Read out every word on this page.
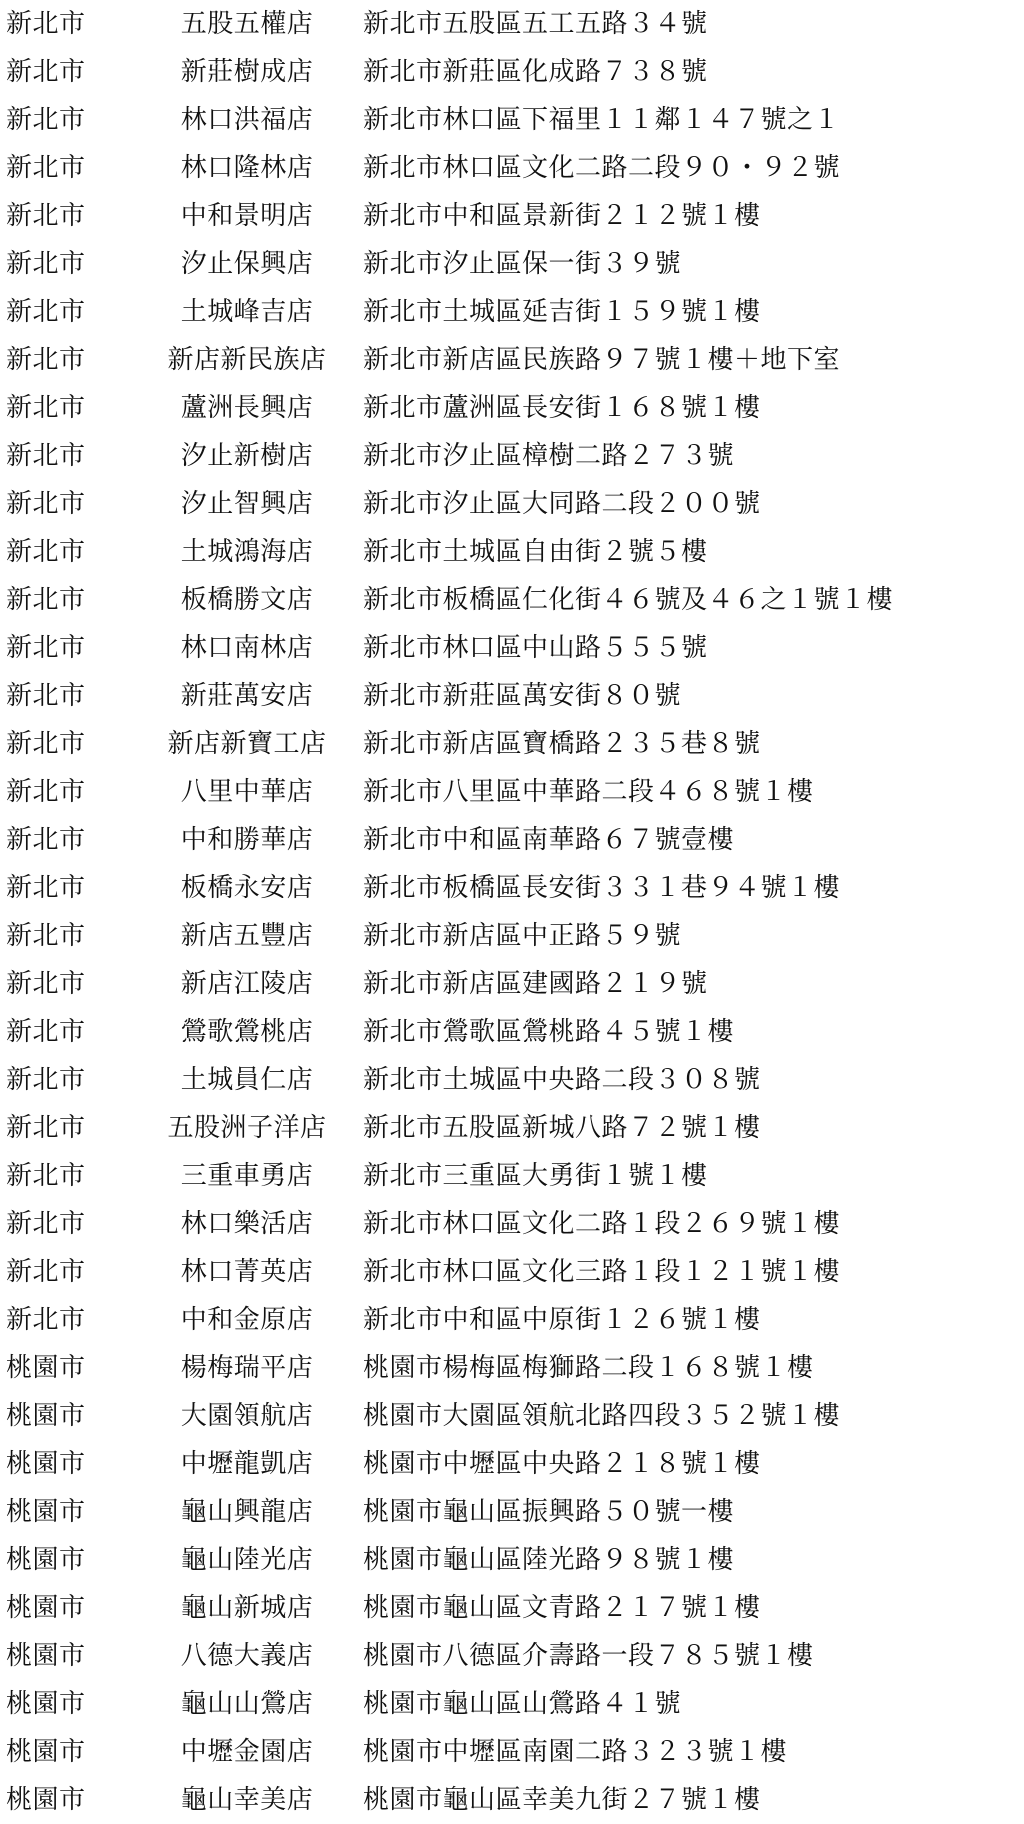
新北市	五股五權店	新北市五股區五工五路３４號
新北市	新莊樹成店	新北市新莊區化成路７３８號
新北市	林口洪福店	新北市林口區下福里１１鄰１４７號之１
新北市	林口隆林店	新北市林口區文化二路二段９０・９２號
新北市	中和景明店	新北市中和區景新街２１２號１樓
新北市	汐止保興店	新北市汐止區保一街３９號
新北市	土城峰吉店	新北市土城區延吉街１５９號１樓
新北市	新店新民族店	新北市新店區民族路９７號１樓＋地下室
新北市	蘆洲長興店	新北市蘆洲區長安街１６８號１樓
新北市	汐止新樹店	新北市汐止區樟樹二路２７３號
新北市	汐止智興店	新北市汐止區大同路二段２００號
新北市	土城鴻海店	新北市土城區自由街２號５樓
新北市	板橋勝文店	新北市板橋區仁化街４６號及４６之１號１樓
新北市	林口南林店	新北市林口區中山路５５５號
新北市	新莊萬安店	新北市新莊區萬安街８０號
新北市	新店新寶工店	新北市新店區寶橋路２３５巷８號
新北市	八里中華店	新北市八里區中華路二段４６８號１樓
新北市	中和勝華店	新北市中和區南華路６７號壹樓
新北市	板橋永安店	新北市板橋區長安街３３１巷９４號１樓
新北市	新店五豐店	新北市新店區中正路５９號
新北市	新店江陵店	新北市新店區建國路２１９號
新北市	鶯歌鶯桃店	新北市鶯歌區鶯桃路４５號１樓
新北市	土城員仁店	新北市土城區中央路二段３０８號
新北市	五股洲子洋店	新北市五股區新城八路７２號１樓
新北市	三重車勇店	新北市三重區大勇街１號１樓
新北市	林口樂活店	新北市林口區文化二路１段２６９號１樓
新北市	林口菁英店	新北市林口區文化三路１段１２１號１樓
新北市	中和金原店	新北市中和區中原街１２６號１樓
桃園市	楊梅瑞平店	桃園市楊梅區梅獅路二段１６８號１樓
桃園市	大園領航店	桃園市大園區領航北路四段３５２號１樓
桃園市	中壢龍凱店	桃園市中壢區中央路２１８號１樓
桃園市	龜山興龍店	桃園市龜山區振興路５０號一樓
桃園市	龜山陸光店	桃園市龜山區陸光路９８號１樓
桃園市	龜山新城店	桃園市龜山區文青路２１７號１樓
桃園市	八德大義店	桃園市八德區介壽路一段７８５號１樓
桃園市	龜山山鶯店	桃園市龜山區山鶯路４１號
桃園市	中壢金園店	桃園市中壢區南園二路３２３號１樓
桃園市	龜山幸美店	桃園市龜山區幸美九街２７號１樓
